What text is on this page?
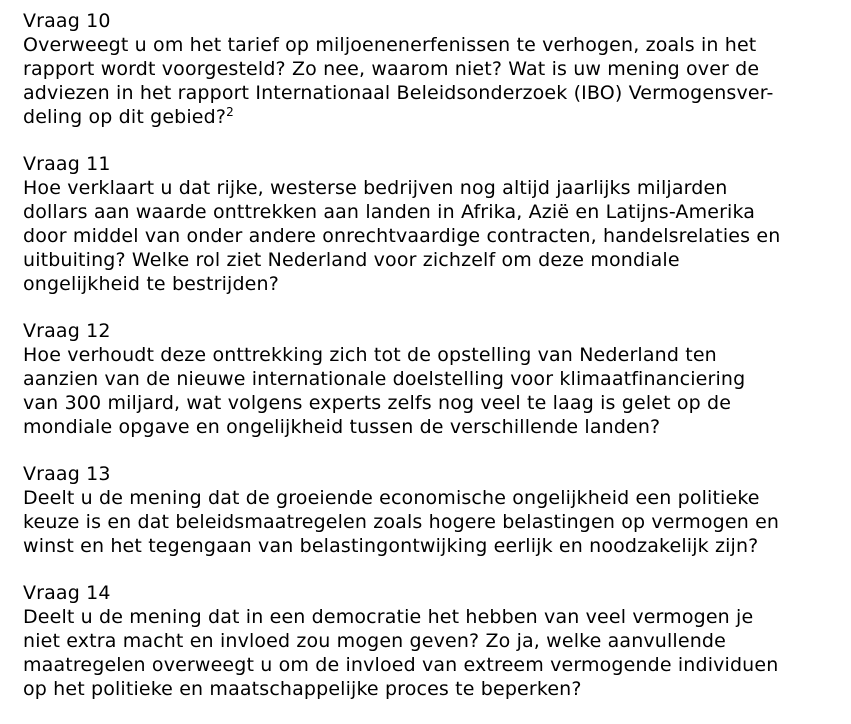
Vraag 10
Overweegt u om het tarief op miljoenenerfenissen te verhogen, zoals in het
rapport wordt voorgesteld? Zo nee, waarom niet? Wat is uw mening over de
adviezen in het rapport Internationaal Beleidsonderzoek (IBO) Vermogensver-
deling op dit gebied?$^2$
Vraag 11
Hoe verklaart u dat rijke, westerse bedrijven nog altijd jaarlijks miljarden
dollars aan waarde onttrekken aan landen in Afrika, Azië en Latijns-Amerika
door middel van onder andere onrechtvaardige contracten, handelsrelaties en
uitbuiting? Welke rol ziet Nederland voor zichzelf om deze mondiale
ongelijkheid te bestrijden?
Vraag 12
Hoe verhoudt deze onttrekking zich tot de opstelling van Nederland ten
aanzien van de nieuwe internationale doelstelling voor klimaatfinanciering
van 300 miljard, wat volgens experts zelfs nog veel te laag is gelet op de
mondiale opgave en ongelijkheid tussen de verschillende landen?
Vraag 13
Deelt u de mening dat de groeiende economische ongelijkheid een politieke
keuze is en dat beleidsmaatregelen zoals hogere belastingen op vermogen en
winst en het tegengaan van belastingontwijking eerlijk en noodzakelijk zijn?
Vraag 14
Deelt u de mening dat in een democratie het hebben van veel vermogen je
niet extra macht en invloed zou mogen geven? Zo ja, welke aanvullende
maatregelen overweegt u om de invloed van extreem vermogende individuen
op het politieke en maatschappelijke proces te beperken?
